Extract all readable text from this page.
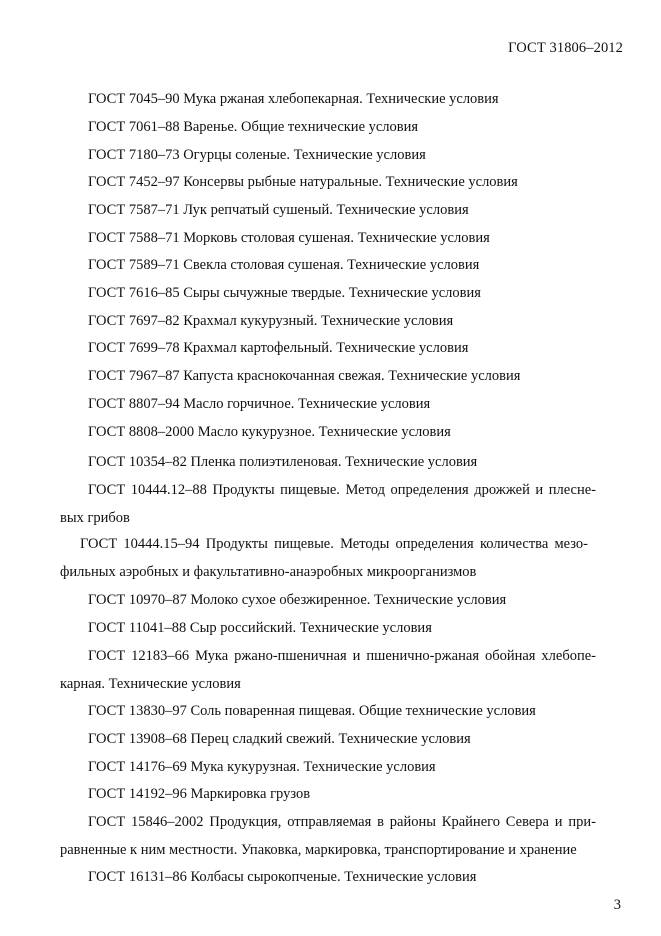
ГОСТ 31806–2012
ГОСТ 7045–90 Мука ржаная хлебопекарная. Технические условия
ГОСТ 7061–88 Варенье. Общие технические условия
ГОСТ 7180–73 Огурцы соленые. Технические условия
ГОСТ 7452–97 Консервы рыбные натуральные. Технические условия
ГОСТ 7587–71 Лук репчатый сушеный. Технические условия
ГОСТ 7588–71 Морковь столовая сушеная. Технические условия
ГОСТ 7589–71 Свекла столовая сушеная. Технические условия
ГОСТ 7616–85 Сыры сычужные твердые. Технические условия
ГОСТ 7697–82 Крахмал кукурузный. Технические условия
ГОСТ 7699–78 Крахмал картофельный. Технические условия
ГОСТ 7967–87 Капуста краснокочанная свежая. Технические условия
ГОСТ 8807–94 Масло горчичное. Технические условия
ГОСТ 8808–2000 Масло кукурузное. Технические условия
ГОСТ 10354–82 Пленка полиэтиленовая. Технические условия
ГОСТ 10444.12–88 Продукты пищевые. Метод определения дрожжей и плесне-
вых грибов
ГОСТ 10444.15–94 Продукты пищевые. Методы определения количества мезо-
фильных аэробных и факультативно-анаэробных микроорганизмов
ГОСТ 10970–87 Молоко сухое обезжиренное. Технические условия
ГОСТ 11041–88 Сыр российский. Технические условия
ГОСТ 12183–66 Мука ржано-пшеничная и пшенично-ржаная обойная хлебопе-
карная. Технические условия
ГОСТ 13830–97 Соль поваренная пищевая. Общие технические условия
ГОСТ 13908–68 Перец сладкий свежий. Технические условия
ГОСТ 14176–69 Мука кукурузная. Технические условия
ГОСТ 14192–96 Маркировка грузов
ГОСТ 15846–2002 Продукция, отправляемая в районы Крайнего Севера и при-
равненные к ним местности. Упаковка, маркировка, транспортирование и хранение
ГОСТ 16131–86 Колбасы сырокопченые. Технические условия
3
